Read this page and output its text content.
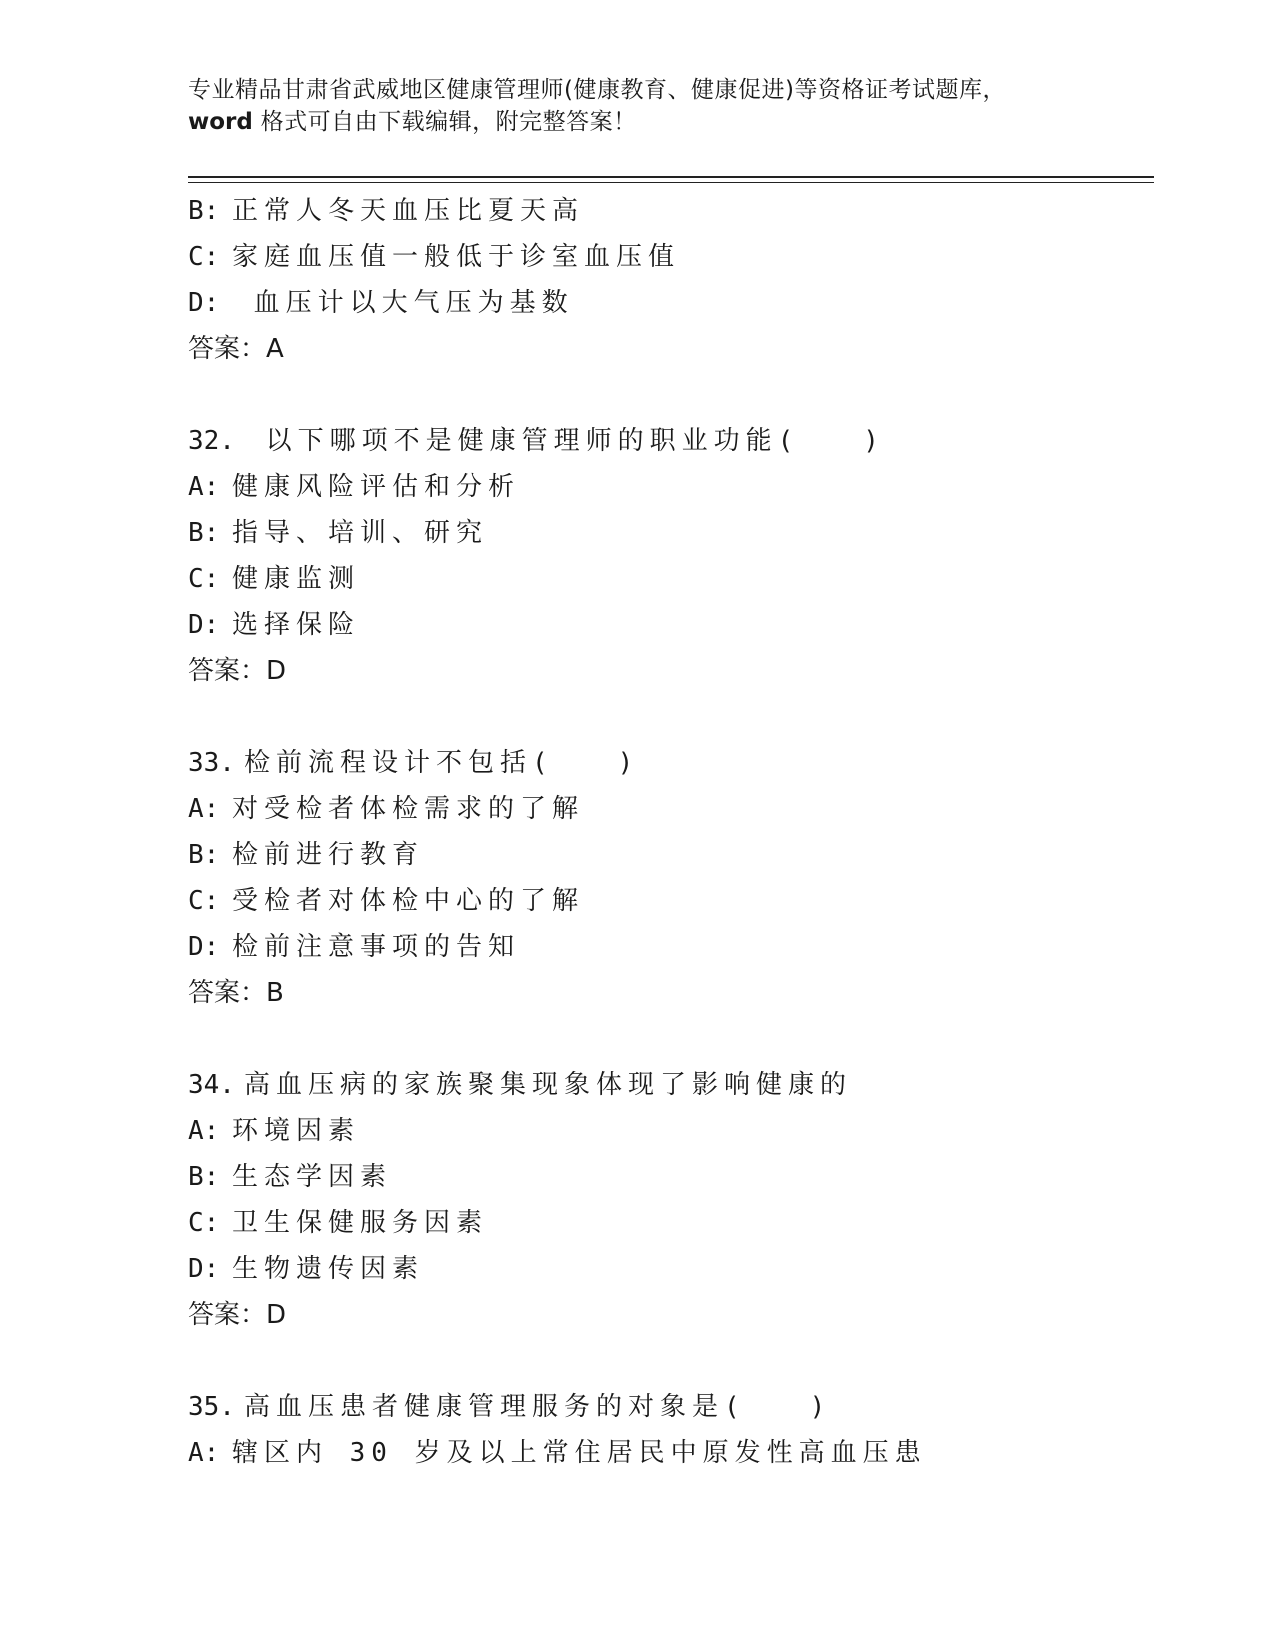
专业精品甘肃省武威地区健康管理师(健康教育、健康促进)等资格证考试题库，
word 格式可自由下载编辑，附完整答案！
B: 正常人冬天血压比夏天高
C: 家庭血压值一般低于诊室血压值
D: 血压计以大气压为基数
答案：A
32. 以下哪项不是健康管理师的职业功能(　　)
A: 健康风险评估和分析
B: 指导、培训、研究
C: 健康监测
D: 选择保险
答案：D
33. 检前流程设计不包括(　　)
A: 对受检者体检需求的了解
B: 检前进行教育
C: 受检者对体检中心的了解
D: 检前注意事项的告知
答案：B
34. 高血压病的家族聚集现象体现了影响健康的
A: 环境因素
B: 生态学因素
C: 卫生保健服务因素
D: 生物遗传因素
答案：D
35. 高血压患者健康管理服务的对象是(　　)
A: 辖区内 30 岁及以上常住居民中原发性高血压患
